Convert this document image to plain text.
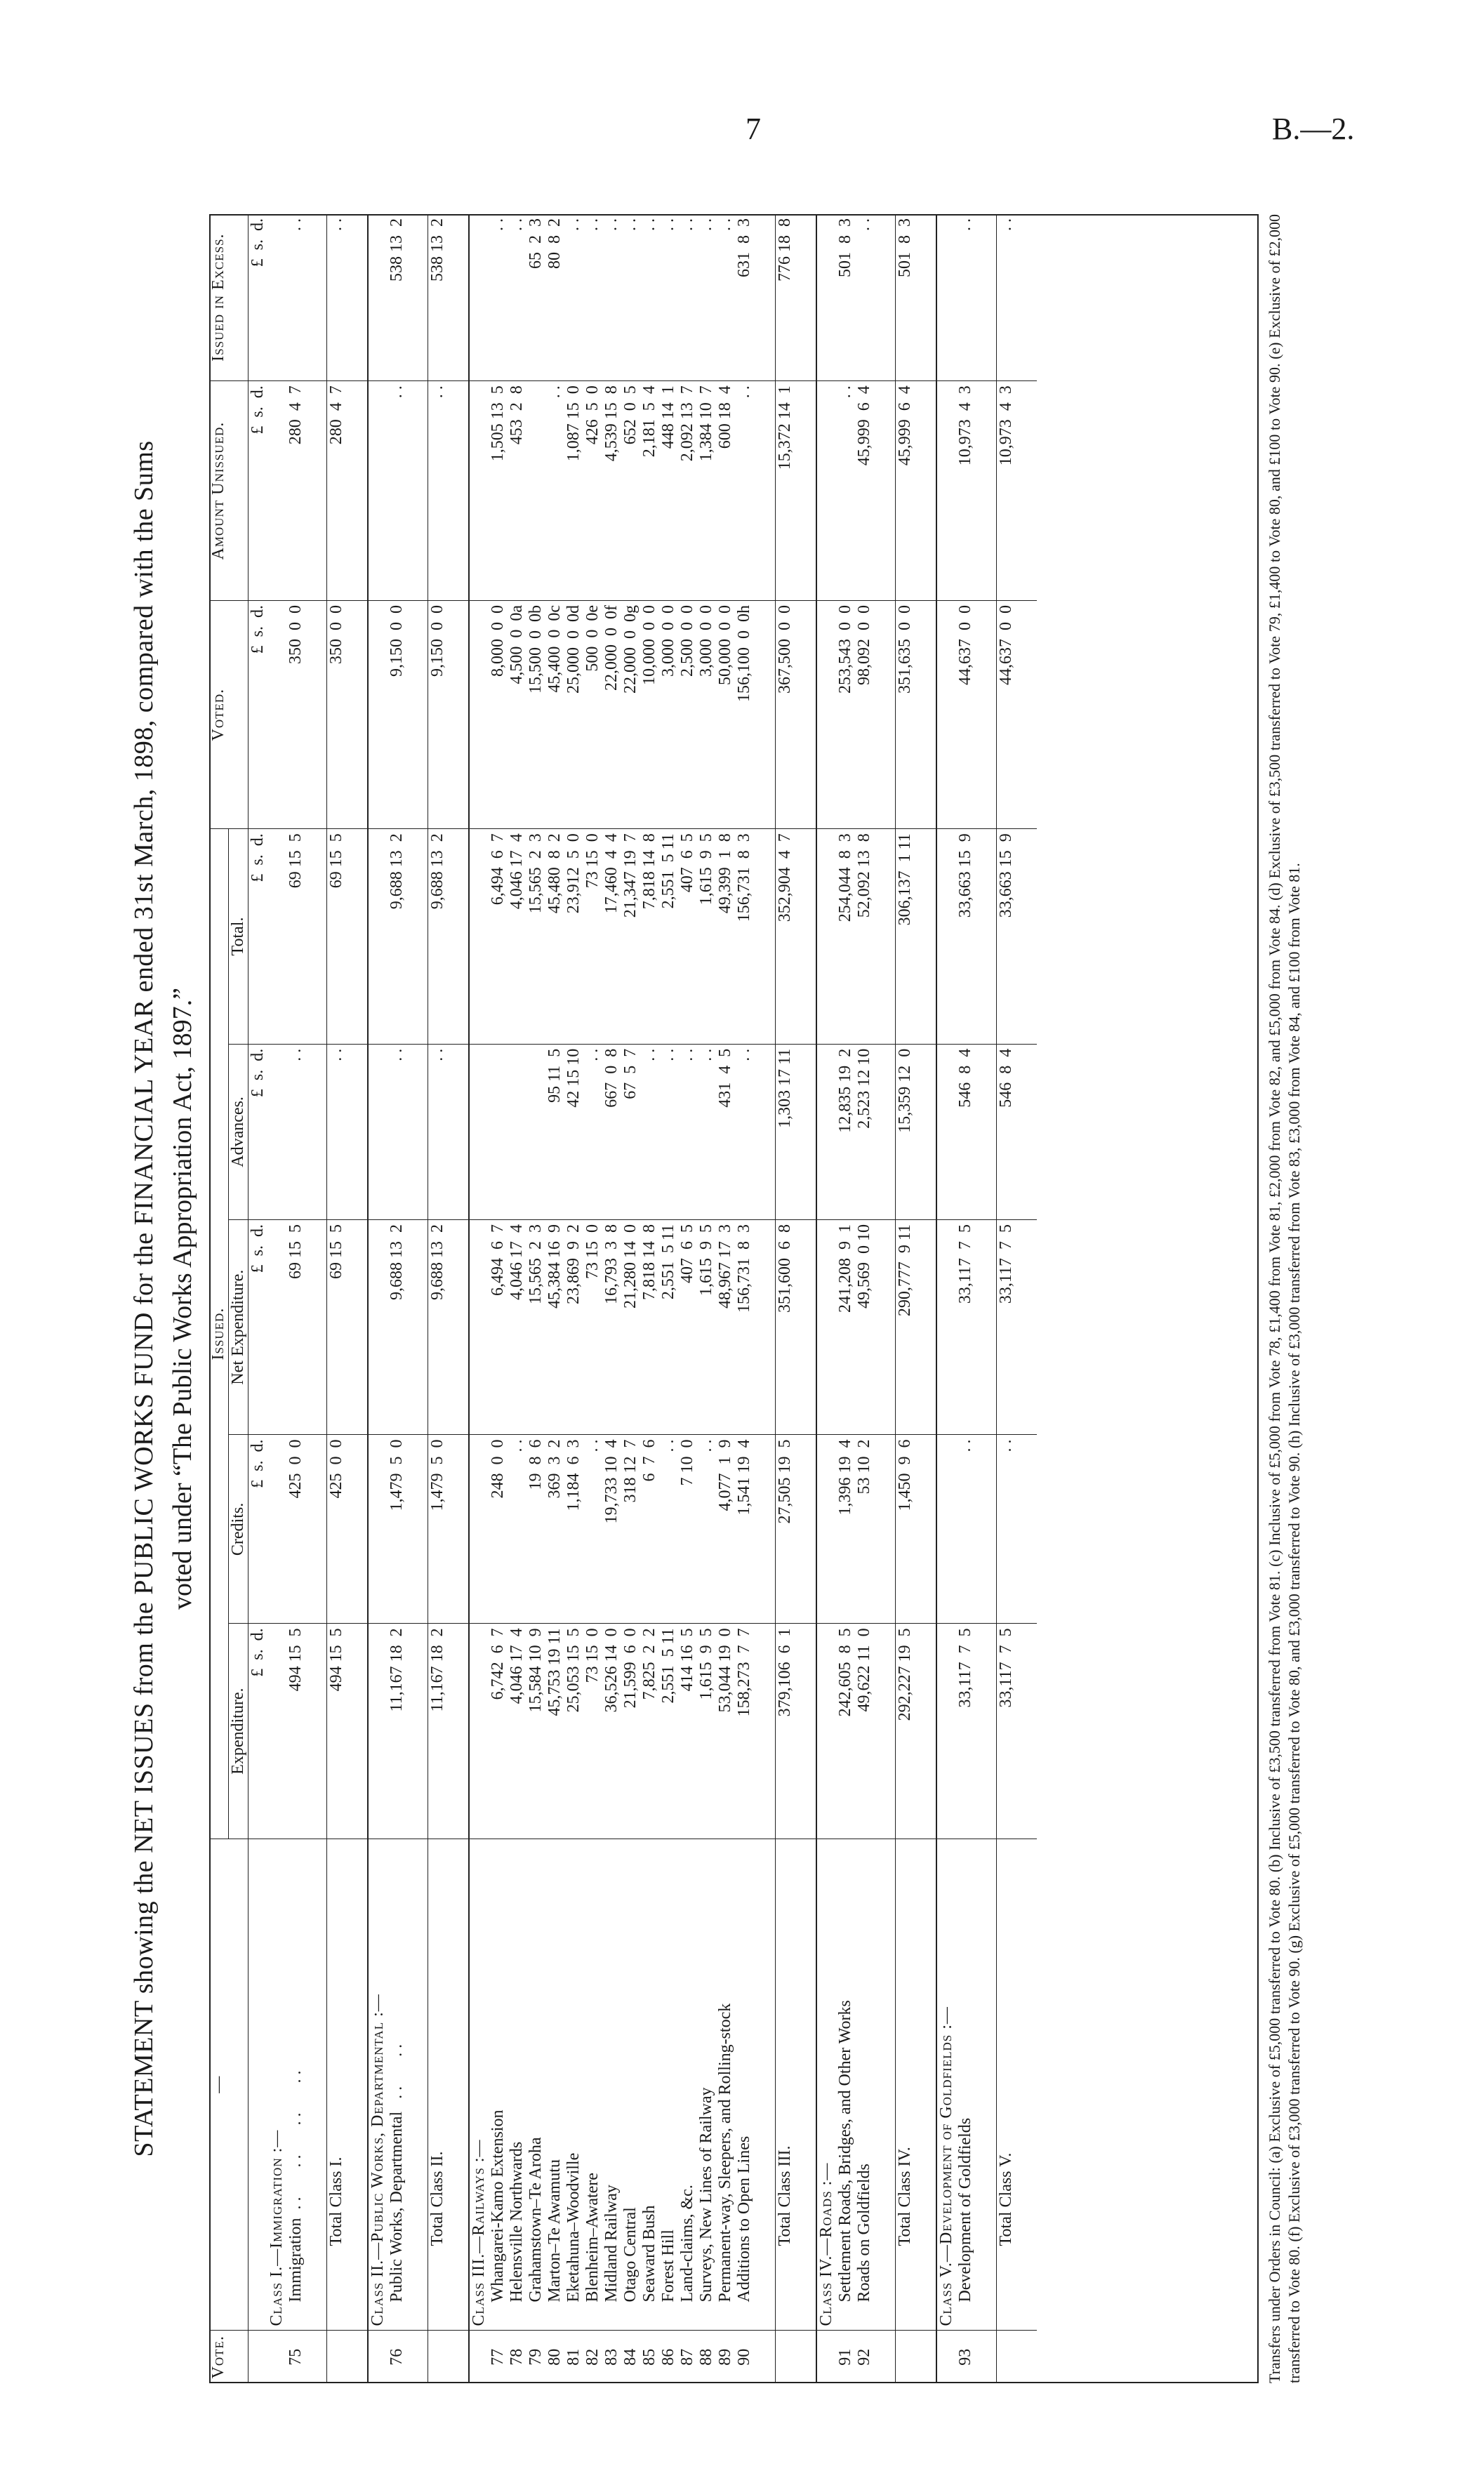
7	B.—2.
STATEMENT showing the NET ISSUES from the PUBLIC WORKS FUND for the FINANCIAL YEAR ended 31st March, 1898, compared with the Sums voted under “The Public Works Appropriation Act, 1897.”
Vote.	—	Issued.					Voted.	Amount Unissued.	Issued in Excess.
		Expenditure.	Credits.	Net Expenditure.	Advances.	Total.			
		£  s.  d.	£  s.  d.	£  s.  d.	£  s.  d.	£  s.  d.	£  s.  d.	£  s.  d.	£  s.  d.
	Class I.—Immigration :—								
75	Immigration  . .       . .       . .       . .	494 15  5	425  0  0	69 15  5	. .	69 15  5	350  0  0	280  4  7	. .

	Total Class I.	494 15  5	425  0  0	69 15  5	. .	69 15  5	350  0  0	280  4  7	. .

	Class II.—Public Works, Departmental :—								
76	Public Works, Departmental   . .       . .	11,167 18  2	1,479  5  0	9,688 13  2	. .	9,688 13  2	9,150  0  0	. .	538 13  2

	Total Class II.	11,167 18  2	1,479  5  0	9,688 13  2	. .	9,688 13  2	9,150  0  0	. .	538 13  2

	Class III.—Railways :—								
77	Whangarei-Kamo Extension	6,742  6  7	248  0  0	6,494  6  7		6,494  6  7	8,000  0  0	1,505 13  5	. .
78	Helensville Northwards	4,046 17  4	. .	4,046 17  4		4,046 17  4	4,500  0  0a	453  2  8	. .
79	Grahamstown–Te Aroha	15,584 10  9	19  8  6	15,565  2  3		15,565  2  3	15,500  0  0b		65  2  3
80	Marton–Te Awamutu	45,753 19 11	369  3  2	45,384 16  9	95 11  5	45,480  8  2	45,400  0  0c	. .	80  8  2
81	Eketahuna–Woodville	25,053 15  5	1,184  6  3	23,869  9  2	42 15 10	23,912  5  0	25,000  0  0d	1,087 15  0	. .
82	Blenheim–Awatere	73 15  0	. .	73 15  0	. .	73 15  0	500  0  0e	426  5  0	. .
83	Midland Railway	36,526 14  0	19,733 10  4	16,793  3  8	667  0  8	17,460  4  4	22,000  0  0f	4,539 15  8	. .
84	Otago Central	21,599  6  0	318 12  7	21,280 14  0	67  5  7	21,347 19  7	22,000  0  0g	652  0  5	. .
85	Seaward Bush	7,825  2  2	6  7  6	7,818 14  8	. .	7,818 14  8	10,000  0  0	2,181  5  4	. .
86	Forest Hill	2,551  5 11	. .	2,551  5 11	. .	2,551  5 11	3,000  0  0	448 14  1	. .
87	Land-claims, &c.	414 16  5	7 10  0	407  6  5	. .	407  6  5	2,500  0  0	2,092 13  7	. .
88	Surveys, New Lines of Railway	1,615  9  5	. .	1,615  9  5	. .	1,615  9  5	3,000  0  0	1,384 10  7	. .
89	Permanent-way, Sleepers, and Rolling-stock	53,044 19  0	4,077  1  9	48,967 17  3	431  4  5	49,399  1  8	50,000  0  0	600 18  4	. .
90	Additions to Open Lines	158,273  7  7	1,541 19  4	156,731  8  3	. .	156,731  8  3	156,100  0  0h	. .	631  8  3

	Total Class III.	379,106  6  1	27,505 19  5	351,600  6  8	1,303 17 11	352,904  4  7	367,500  0  0	15,372 14  1	776 18  8

	Class IV.—Roads :—								
91	Settlement Roads, Bridges, and Other Works	242,605  8  5	1,396 19  4	241,208  9  1	12,835 19  2	254,044  8  3	253,543  0  0	. .	501  8  3
92	Roads on Goldfields	49,622 11  0	53 10  2	49,569  0 10	2,523 12 10	52,092 13  8	98,092  0  0	45,999  6  4	. .

	Total Class IV.	292,227 19  5	1,450  9  6	290,777  9 11	15,359 12  0	306,137  1 11	351,635  0  0	45,999  6  4	501  8  3

	Class V.—Development of Goldfields :—								
93	Development of Goldfields	33,117  7  5	. .	33,117  7  5	546  8  4	33,663 15  9	44,637  0  0	10,973  4  3	. .

	Total Class V.	33,117  7  5	. .	33,117  7  5	546  8  4	33,663 15  9	44,637  0  0	10,973  4  3	. .
										Transfers under Orders in Council: (a) Exclusive of £5,000 transferred to Vote 80. (b) Inclusive of £3,500 transferred from Vote 81. (c) Inclusive of £5,000 from Vote 78, £1,400 from Vote 81, £2,000 from Vote 82, and £5,000 from Vote 84. (d) Exclusive of £3,500 transferred to Vote 79, £1,400 to Vote 80, and £100 to Vote 90. (e) Exclusive of £2,000 transferred to Vote 80. (f) Exclusive of £3,000 transferred to Vote 90. (g) Exclusive of £5,000 transferred to Vote 80, and £3,000 transferred to Vote 90. (h) Inclusive of £3,000 transferred from Vote 83, £3,000 from Vote 84, and £100 from Vote 81.
